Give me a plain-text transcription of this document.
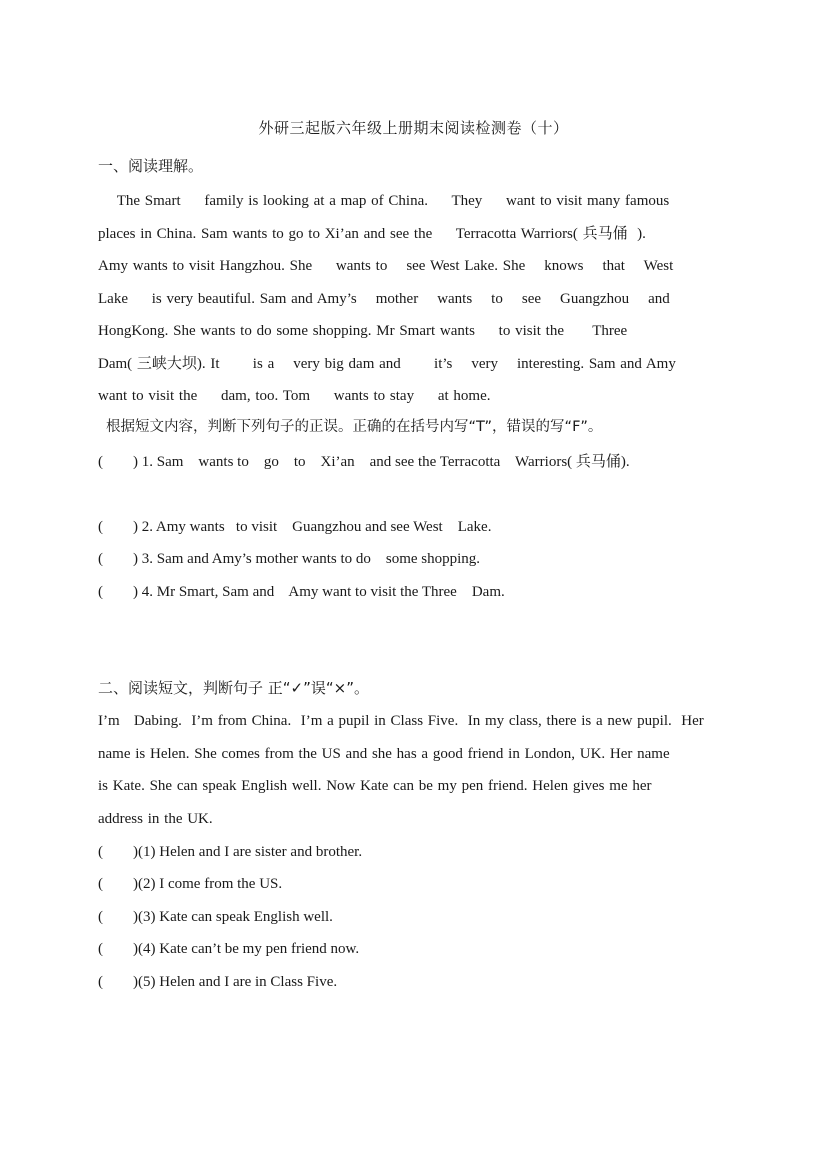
外研三起版六年级上册期末阅读检测卷（十）
一、阅读理解。

The Smart     family is looking at a map of China.     They     want to visit many famous

places in China. Sam wants to go to Xi’an and see the     Terracotta Warriors( 兵马俑  ).

Amy wants to visit Hangzhou. She     wants to    see West Lake. She    knows    that    West

Lake     is very beautiful. Sam and Amy’s    mother    wants    to    see    Guangzhou    and

HongKong. She wants to do some shopping. Mr Smart wants     to visit the      Three

Dam( 三峡大坝). It       is a    very big dam and       it’s    very    interesting. Sam and Amy

want to visit the     dam, too. Tom     wants to stay     at home.

根据短文内容，判断下列句子的正误。正确的在括号内写“T”，错误的写“F”。
(        ) 1. Sam    wants to    go    to    Xi’an    and see the Terracotta    Warriors( 兵马俑).
(        ) 2. Amy wants   to visit    Guangzhou and see West    Lake.
(        ) 3. Sam and Amy’s mother wants to do    some shopping.
(        ) 4. Mr Smart, Sam and    Amy want to visit the Three    Dam.
二、阅读短文，判断句子 正“✓”误“×”。

I’m   Dabing.  I’m from China.  I’m a pupil in Class Five.  In my class, there is a new pupil.  Her

name is Helen. She comes from the US and she has a good friend in London, UK. Her name

is Kate. She can speak English well. Now Kate can be my pen friend. Helen gives me her

address in the UK.

(        )(1) Helen and I are sister and brother.
(        )(2) I come from the US.
(        )(3) Kate can speak English well.
(        )(4) Kate can’t be my pen friend now.
(        )(5) Helen and I are in Class Five.
